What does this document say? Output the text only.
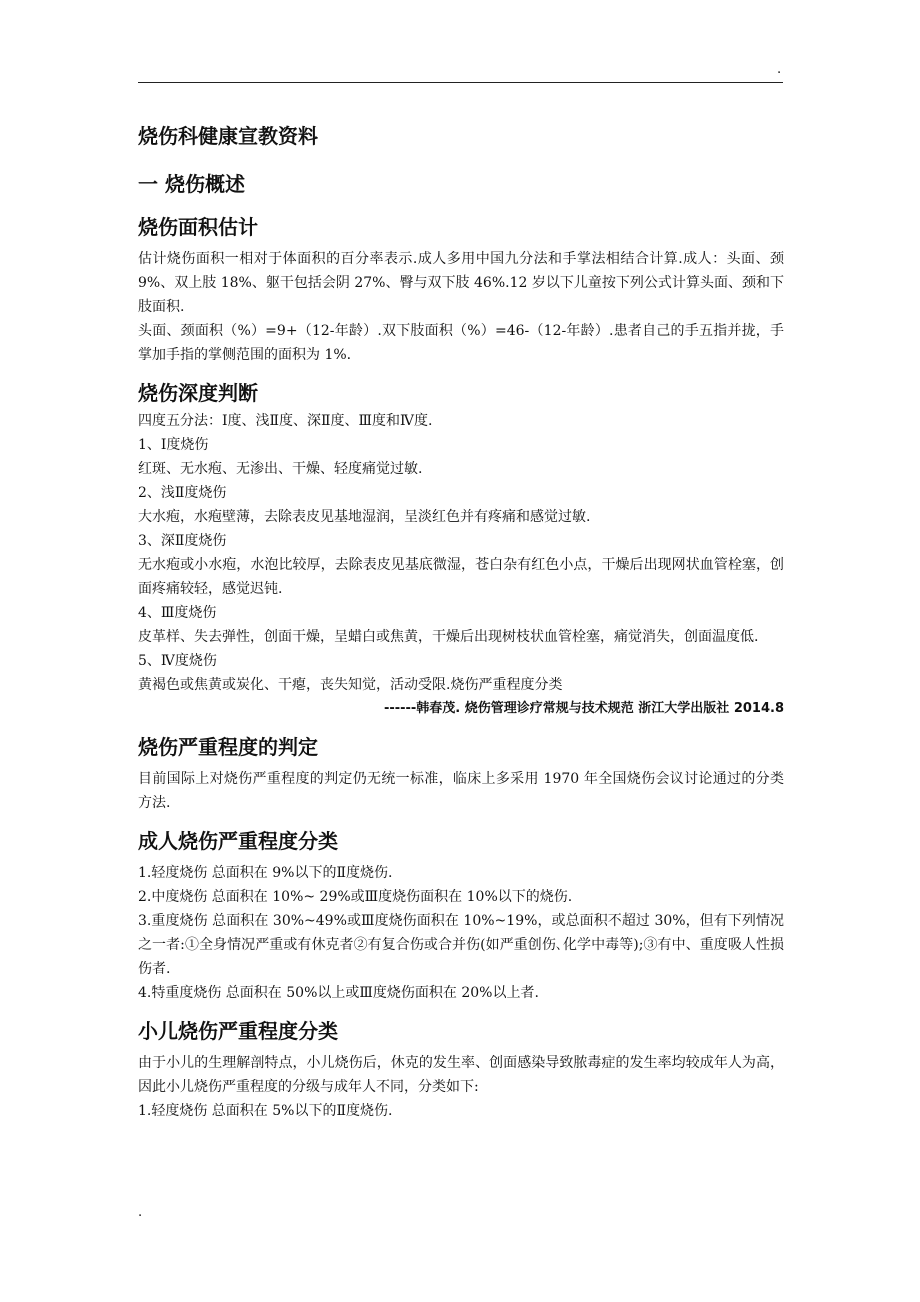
.
烧伤科健康宣教资料
一 烧伤概述
烧伤面积估计

估计烧伤面积一相对于体面积的百分率表示.成人多用中国九分法和手掌法相结合计算.成人：头面、颈 9%、双上肢 18%、躯干包括会阴 27%、臀与双下肢 46%.12 岁以下儿童按下列公式计算头面、颈和下肢面积.

头面、颈面积（%）=9+（12-年龄）.双下肢面积（%）=46-（12-年龄）.患者自己的手五指并拢，手掌加手指的掌侧范围的面积为 1%.

烧伤深度判断
四度五分法：Ⅰ度、浅Ⅱ度、深Ⅱ度、Ⅲ度和Ⅳ度.
1、Ⅰ度烧伤

红斑、无水疱、无渗出、干燥、轻度痛觉过敏.

2、浅Ⅱ度烧伤

大水疱，水疱壁薄，去除表皮见基地湿润，呈淡红色并有疼痛和感觉过敏.

3、深Ⅱ度烧伤

无水疱或小水疱，水泡比较厚，去除表皮见基底微湿，苍白杂有红色小点，干燥后出现网状血管栓塞，创面疼痛较轻，感觉迟钝.

4、Ⅲ度烧伤

皮革样、失去弹性，创面干燥，呈蜡白或焦黄，干燥后出现树枝状血管栓塞，痛觉消失，创面温度低.

5、Ⅳ度烧伤

黄褐色或焦黄或炭化、干瘪，丧失知觉，活动受限.烧伤严重程度分类

------韩春茂. 烧伤管理诊疗常规与技术规范 浙江大学出版社 2014.8
烧伤严重程度的判定

目前国际上对烧伤严重程度的判定仍无统一标准，临床上多采用 1970 年全国烧伤会议讨论通过的分类方法.

成人烧伤严重程度分类

1.轻度烧伤 总面积在 9%以下的Ⅱ度烧伤.

2.中度烧伤 总面积在 10%~ 29%或Ⅲ度烧伤面积在 10%以下的烧伤.

3.重度烧伤 总面积在 30%~49%或Ⅲ度烧伤面积在 10%~19%，或总面积不超过 30%，但有下列情况之一者:①全身情况严重或有休克者②有复合伤或合并伤(如严重创伤､化学中毒等);③有中、重度吸人性损伤者.

4.特重度烧伤 总面积在 50%以上或Ⅲ度烧伤面积在 20%以上者.

小儿烧伤严重程度分类

由于小儿的生理解剖特点，小儿烧伤后，休克的发生率、创面感染导致脓毒症的发生率均较成年人为高，因此小儿烧伤严重程度的分级与成年人不同，分类如下:

1.轻度烧伤 总面积在 5%以下的Ⅱ度烧伤.

.
